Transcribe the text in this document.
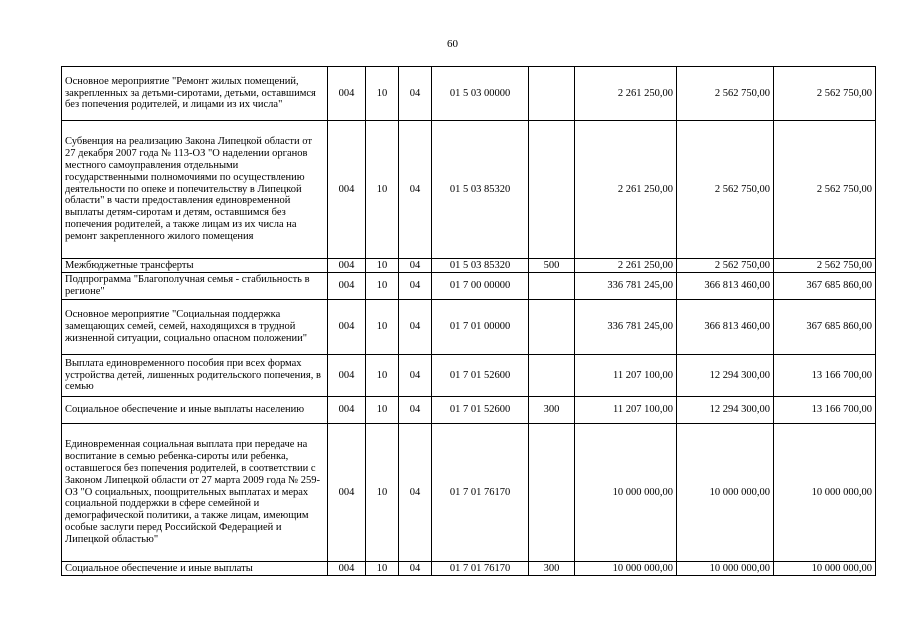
60
Основное мероприятие "Ремонт жилых помещений, закрепленных за детьми-сиротами, детьми, оставшимся без попечения родителей, и лицами из их числа"	004	10	04	01 5 03 00000		2 261 250,00	2 562 750,00	2 562 750,00
Субвенция на реализацию Закона Липецкой области от 27 декабря 2007 года № 113-ОЗ "О наделении органов местного самоуправления отдельными государственными полномочиями по осуществлению деятельности по опеке и попечительству в Липецкой области" в части предоставления единовременной выплаты детям-сиротам и детям, оставшимся без попечения родителей, а также лицам из их числа на ремонт закрепленного жилого помещения	004	10	04	01 5 03 85320		2 261 250,00	2 562 750,00	2 562 750,00
Межбюджетные трансферты	004	10	04	01 5 03 85320	500	2 261 250,00	2 562 750,00	2 562 750,00
Подпрограмма "Благополучная семья - стабильность в регионе"	004	10	04	01 7 00 00000		336 781 245,00	366 813 460,00	367 685 860,00
Основное мероприятие "Социальная поддержка замещающих семей, семей, находящихся в трудной жизненной ситуации, социально опасном положении"	004	10	04	01 7 01 00000		336 781 245,00	366 813 460,00	367 685 860,00
Выплата единовременного пособия при всех формах устройства детей, лишенных родительского попечения, в семью	004	10	04	01 7 01 52600		11 207 100,00	12 294 300,00	13 166 700,00
Социальное обеспечение и иные выплаты населению	004	10	04	01 7 01 52600	300	11 207 100,00	12 294 300,00	13 166 700,00
Единовременная социальная выплата при передаче на воспитание в семью ребенка-сироты или ребенка, оставшегося без попечения родителей, в соответствии с Законом Липецкой области от 27 марта 2009 года № 259-ОЗ "О социальных, поощрительных выплатах и мерах социальной поддержки в сфере семейной и демографической политики, а также лицам, имеющим особые заслуги перед Российской Федерацией и Липецкой областью"	004	10	04	01 7 01 76170		10 000 000,00	10 000 000,00	10 000 000,00
Социальное обеспечение и иные выплаты	004	10	04	01 7 01 76170	300	10 000 000,00	10 000 000,00	10 000 000,00
